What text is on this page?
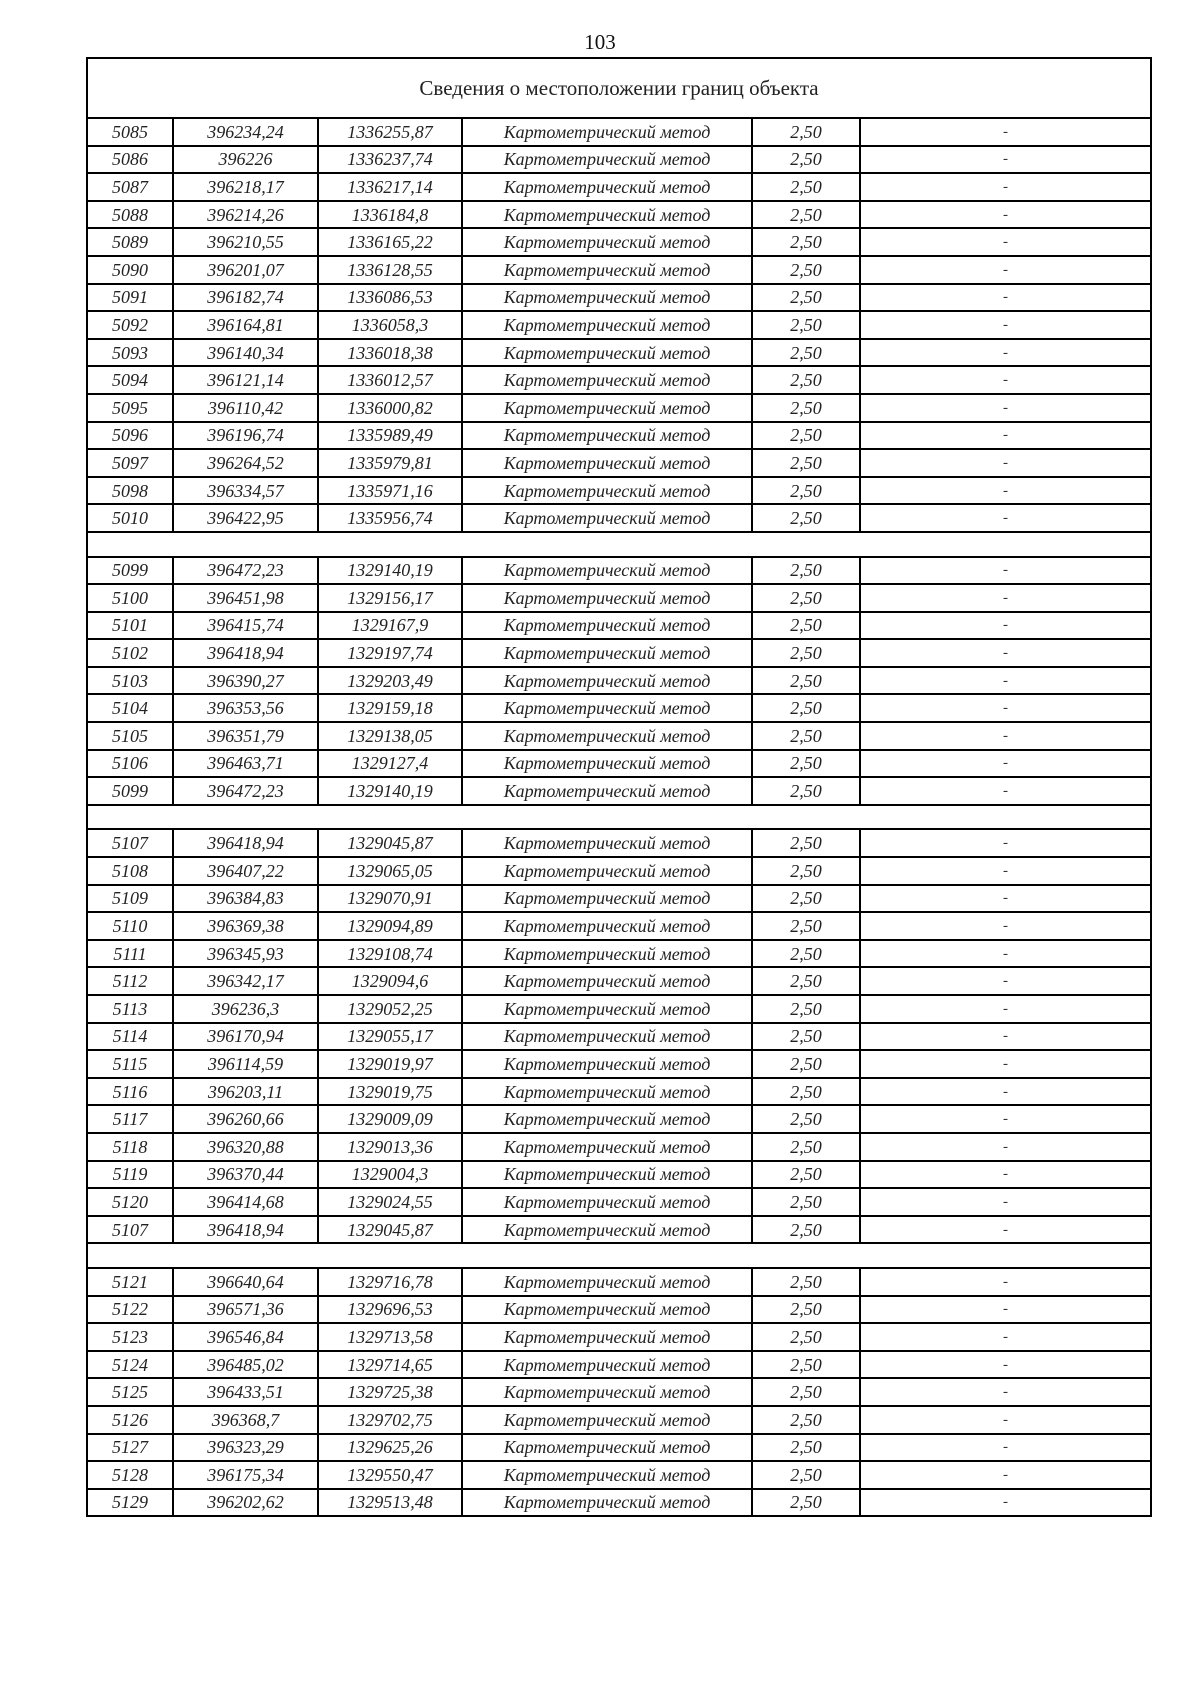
103
Сведения о местоположении границ объекта					
5085	396234,24	1336255,87	Картометрический метод	2,50	-
5086	396226	1336237,74	Картометрический метод	2,50	-
5087	396218,17	1336217,14	Картометрический метод	2,50	-
5088	396214,26	1336184,8	Картометрический метод	2,50	-
5089	396210,55	1336165,22	Картометрический метод	2,50	-
5090	396201,07	1336128,55	Картометрический метод	2,50	-
5091	396182,74	1336086,53	Картометрический метод	2,50	-
5092	396164,81	1336058,3	Картометрический метод	2,50	-
5093	396140,34	1336018,38	Картометрический метод	2,50	-
5094	396121,14	1336012,57	Картометрический метод	2,50	-
5095	396110,42	1336000,82	Картометрический метод	2,50	-
5096	396196,74	1335989,49	Картометрический метод	2,50	-
5097	396264,52	1335979,81	Картометрический метод	2,50	-
5098	396334,57	1335971,16	Картометрический метод	2,50	-
5010	396422,95	1335956,74	Картометрический метод	2,50	-

5099	396472,23	1329140,19	Картометрический метод	2,50	-
5100	396451,98	1329156,17	Картометрический метод	2,50	-
5101	396415,74	1329167,9	Картометрический метод	2,50	-
5102	396418,94	1329197,74	Картометрический метод	2,50	-
5103	396390,27	1329203,49	Картометрический метод	2,50	-
5104	396353,56	1329159,18	Картометрический метод	2,50	-
5105	396351,79	1329138,05	Картометрический метод	2,50	-
5106	396463,71	1329127,4	Картометрический метод	2,50	-
5099	396472,23	1329140,19	Картометрический метод	2,50	-

5107	396418,94	1329045,87	Картометрический метод	2,50	-
5108	396407,22	1329065,05	Картометрический метод	2,50	-
5109	396384,83	1329070,91	Картометрический метод	2,50	-
5110	396369,38	1329094,89	Картометрический метод	2,50	-
5111	396345,93	1329108,74	Картометрический метод	2,50	-
5112	396342,17	1329094,6	Картометрический метод	2,50	-
5113	396236,3	1329052,25	Картометрический метод	2,50	-
5114	396170,94	1329055,17	Картометрический метод	2,50	-
5115	396114,59	1329019,97	Картометрический метод	2,50	-
5116	396203,11	1329019,75	Картометрический метод	2,50	-
5117	396260,66	1329009,09	Картометрический метод	2,50	-
5118	396320,88	1329013,36	Картометрический метод	2,50	-
5119	396370,44	1329004,3	Картометрический метод	2,50	-
5120	396414,68	1329024,55	Картометрический метод	2,50	-
5107	396418,94	1329045,87	Картометрический метод	2,50	-

5121	396640,64	1329716,78	Картометрический метод	2,50	-
5122	396571,36	1329696,53	Картометрический метод	2,50	-
5123	396546,84	1329713,58	Картометрический метод	2,50	-
5124	396485,02	1329714,65	Картометрический метод	2,50	-
5125	396433,51	1329725,38	Картометрический метод	2,50	-
5126	396368,7	1329702,75	Картометрический метод	2,50	-
5127	396323,29	1329625,26	Картометрический метод	2,50	-
5128	396175,34	1329550,47	Картометрический метод	2,50	-
5129	396202,62	1329513,48	Картометрический метод	2,50	-
